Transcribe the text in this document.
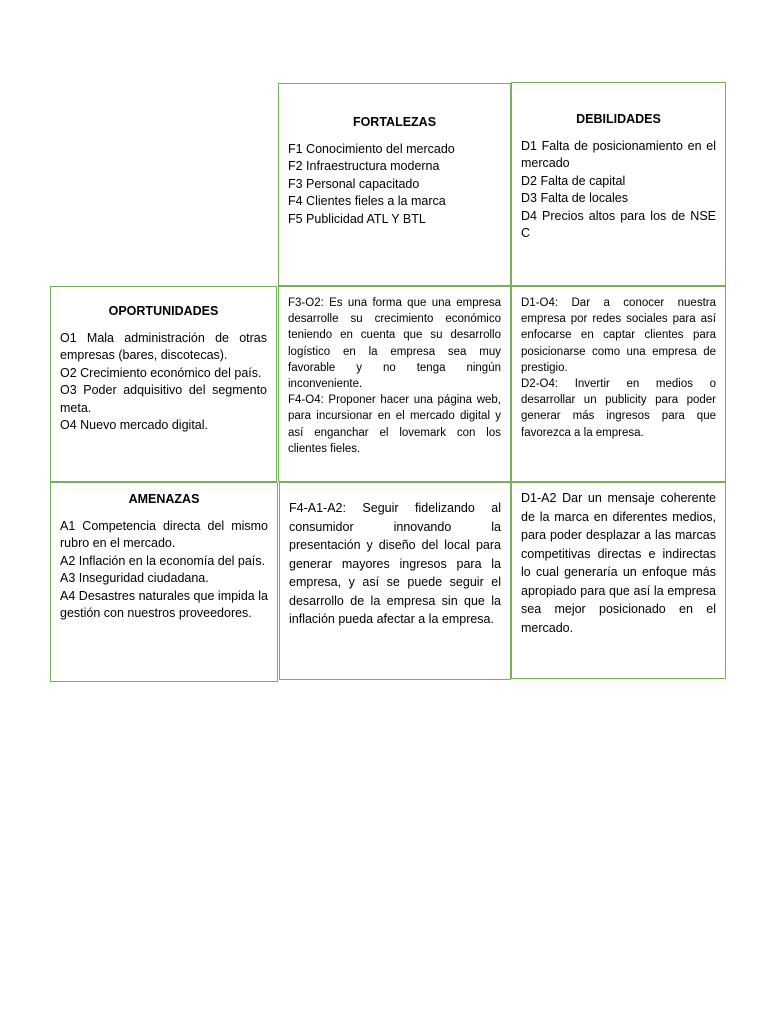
FORTALEZAS
F1 Conocimiento del mercado
F2 Infraestructura moderna
F3 Personal capacitado
F4 Clientes fieles a la marca
F5 Publicidad ATL Y BTL
DEBILIDADES
D1 Falta de posicionamiento en el mercado
D2 Falta de capital
D3 Falta de locales
D4 Precios altos para los de NSE C
OPORTUNIDADES
O1 Mala administración de otras empresas (bares, discotecas).
O2 Crecimiento económico del país.
O3 Poder adquisitivo del segmento meta.
O4 Nuevo mercado digital.
F3-O2: Es una forma que una empresa desarrolle su crecimiento económico teniendo en cuenta que su desarrollo logístico en la empresa sea muy favorable y no tenga ningún inconveniente.
F4-O4: Proponer hacer una página web, para incursionar en el mercado digital y así enganchar el lovemark con los clientes fieles.
D1-O4: Dar a conocer nuestra empresa por redes sociales para así enfocarse en captar clientes para posicionarse como una empresa de prestigio.
D2-O4: Invertir en medios o desarrollar un publicity para poder generar más ingresos para que favorezca a la empresa.
AMENAZAS
A1 Competencia directa del mismo rubro en el mercado.
A2 Inflación en la economía del país.
A3 Inseguridad ciudadana.
A4 Desastres naturales que impida la gestión con nuestros proveedores.
F4-A1-A2: Seguir fidelizando al consumidor innovando la presentación y diseño del local para generar mayores ingresos para la empresa, y así se puede seguir el desarrollo de la empresa sin que la inflación pueda afectar a la empresa.
D1-A2 Dar un mensaje coherente de la marca en diferentes medios, para poder desplazar a las marcas competitivas directas e indirectas lo cual generaría un enfoque más apropiado para que así la empresa sea mejor posicionado en el mercado.
